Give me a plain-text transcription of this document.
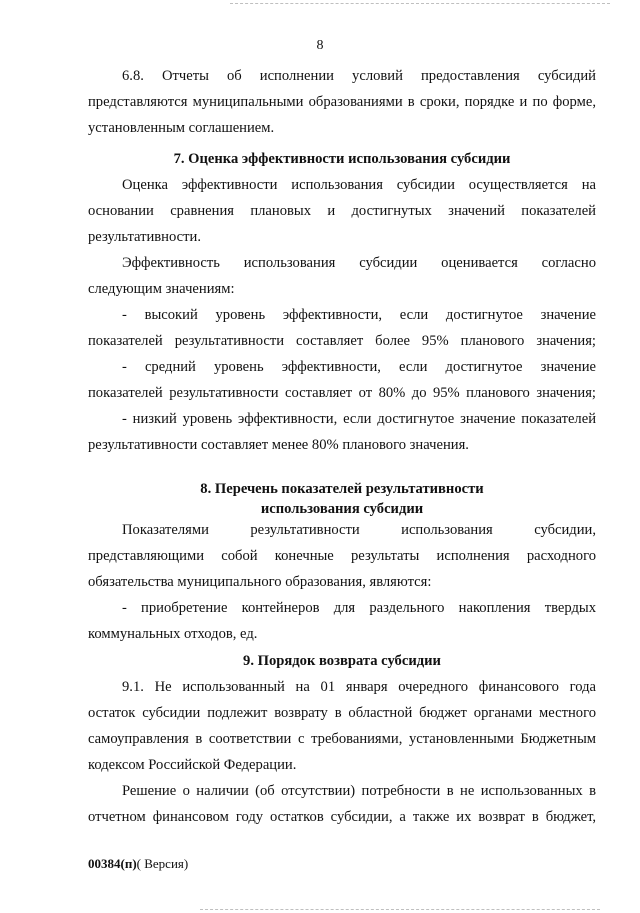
8
6.8. Отчеты об исполнении условий предоставления субсидий
представляются муниципальными образованиями в сроки, порядке и по форме,
установленным соглашением.
7. Оценка эффективности использования субсидии
Оценка эффективности использования субсидии осуществляется на
основании сравнения плановых и достигнутых значений показателей
результативности.
Эффективность использования субсидии оценивается согласно
следующим значениям:
- высокий уровень эффективности, если достигнутое значение
показателей результативности составляет более 95% планового значения;
- средний уровень эффективности, если достигнутое значение
показателей результативности составляет от 80% до 95% планового значения;
- низкий уровень эффективности, если достигнутое значение показателей
результативности составляет менее 80% планового значения.
8. Перечень показателей результативности
использования субсидии
Показателями результативности использования субсидии,
представляющими собой конечные результаты исполнения расходного
обязательства муниципального образования, являются:
- приобретение контейнеров для раздельного накопления твердых
коммунальных отходов, ед.
9. Порядок возврата субсидии
9.1. Не использованный на 01 января очередного финансового года
остаток субсидии подлежит возврату в областной бюджет органами местного
самоуправления в соответствии с требованиями, установленными Бюджетным
кодексом Российской Федерации.
Решение о наличии (об отсутствии) потребности в не использованных в
отчетном финансовом году остатков субсидии, а также их возврат в бюджет,
00384(п)( Версия)
